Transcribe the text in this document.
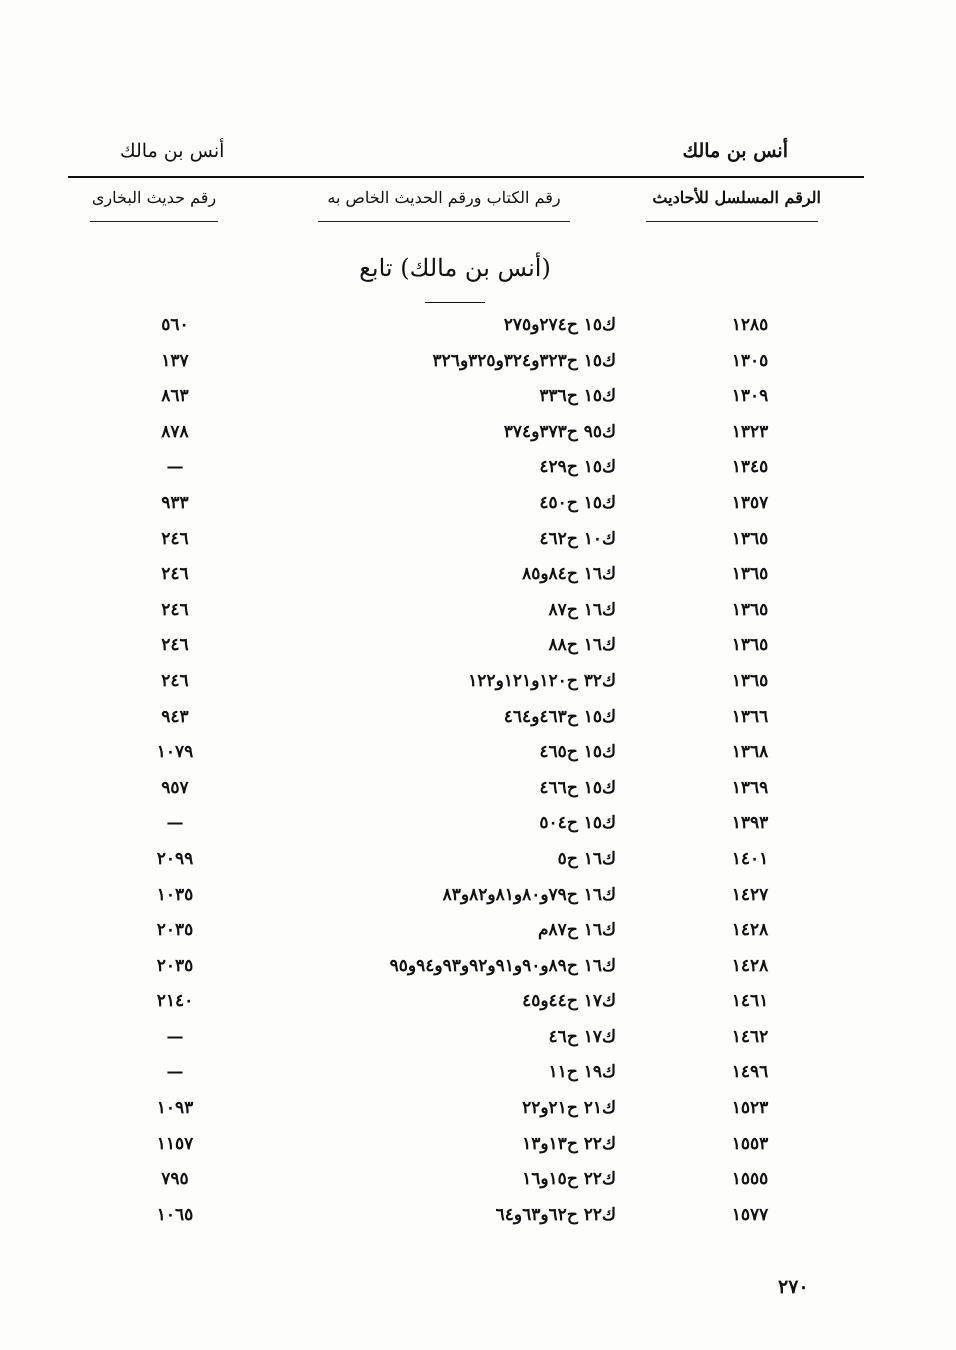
أنس بن مالك
أنس بن مالك
الرقم المسلسل للأحاديث
رقم الكتاب ورقم الحديث الخاص به
رقم حديث البخارى
(أنس بن مالك) تابع
١٢٨٥
ك١٥ ح٢٧٤و٢٧٥
٥٦٠
١٣٠٥
ك١٥ ح٣٢٣و٣٢٤و٣٢٥و٣٢٦
١٣٧
١٣٠٩
ك١٥ ح٣٣٦
٨٦٣
١٣٢٣
ك٩٥ ح٣٧٣و٣٧٤
٨٧٨
١٣٤٥
ك١٥ ح٤٢٩
—
١٣٥٧
ك١٥ ح٤٥٠
٩٣٣
١٣٦٥
ك١٠ ح٤٦٢
٢٤٦
١٣٦٥
ك١٦ ح٨٤و٨٥
٢٤٦
١٣٦٥
ك١٦ ح٨٧
٢٤٦
١٣٦٥
ك١٦ ح٨٨
٢٤٦
١٣٦٥
ك٣٢ ح١٢٠و١٢١و١٢٢
٢٤٦
١٣٦٦
ك١٥ ح٤٦٣و٤٦٤
٩٤٣
١٣٦٨
ك١٥ ح٤٦٥
١٠٧٩
١٣٦٩
ك١٥ ح٤٦٦
٩٥٧
١٣٩٣
ك١٥ ح٥٠٤
—
١٤٠١
ك١٦ ح٥
٢٠٩٩
١٤٢٧
ك١٦ ح٧٩و٨٠و٨١و٨٢و٨٣
١٠٣٥
١٤٢٨
ك١٦ ح٨٧م
٢٠٣٥
١٤٢٨
ك١٦ ح٨٩و٩٠و٩١و٩٢و٩٣و٩٤و٩٥
٢٠٣٥
١٤٦١
ك١٧ ح٤٤و٤٥
٢١٤٠
١٤٦٢
ك١٧ ح٤٦
—
١٤٩٦
ك١٩ ح١١
—
١٥٢٣
ك٢١ ح٢١و٢٢
١٠٩٣
١٥٥٣
ك٢٢ ح١٣و١٣
١١٥٧
١٥٥٥
ك٢٢ ح١٥و١٦
٧٩٥
١٥٧٧
ك٢٢ ح٦٢و٦٣و٦٤
١٠٦٥
٢٧٠
